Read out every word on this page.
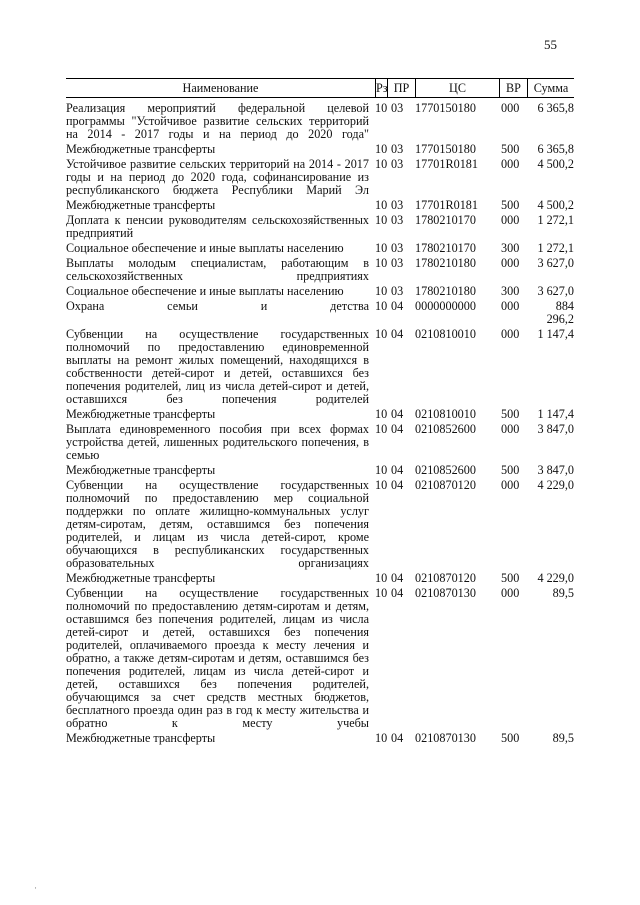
55
Наименование	Рз ПР	ЦС	ВР	Сумма
Реализация мероприятий федеральной целевой программы "Устойчивое развитие сельских территорий на 2014 - 2017 годы и на период до 2020 года"
10 03 1770150180	000	6 365,8
Межбюджетные трансферты	10 03 1770150180	500	6 365,8
Устойчивое развитие сельских территорий на 2014 - 2017 годы и на период до 2020 года, софинансирование из республиканского бюджета Республики Марий Эл
10 03 17701R0181	000	4 500,2
Межбюджетные трансферты	10 03 17701R0181	500	4 500,2
Доплата к пенсии руководителям сельскохозяйственных предприятий
10 03 1780210170	000	1 272,1
Социальное обеспечение и иные выплаты населению	10 03 1780210170	300	1 272,1
Выплаты молодым специалистам, работающим в сельскохозяйственных предприятиях
10 03 1780210180	000	3 627,0
Социальное обеспечение и иные выплаты населению	10 03 1780210180	300	3 627,0
Охрана семьи и детства 10 04 0000000000	000	884 296,2
Субвенции на осуществление государственных полномочий по предоставлению единовременной выплаты на ремонт жилых помещений, находящихся в собственности детей-сирот и детей, оставшихся без попечения родителей, лиц из числа детей-сирот и детей, оставшихся без попечения родителей
10 04 0210810010	000	1 147,4
Межбюджетные трансферты	10 04 0210810010	500	1 147,4
Выплата единовременного пособия при всех формах устройства детей, лишенных родительского попечения, в семью
10 04 0210852600	000	3 847,0
Межбюджетные трансферты	10 04 0210852600	500	3 847,0
Субвенции на осуществление государственных полномочий по предоставлению мер социальной поддержки по оплате жилищно-коммунальных услуг детям-сиротам, детям, оставшимся без попечения родителей, и лицам из числа детей-сирот, кроме обучающихся в республиканских государственных образовательных организациях
10 04 0210870120	000	4 229,0
Межбюджетные трансферты	10 04 0210870120	500	4 229,0
Субвенции на осуществление государственных полномочий по предоставлению детям-сиротам и детям, оставшимся без попечения родителей, лицам из числа детей-сирот и детей, оставшихся без попечения родителей, оплачиваемого проезда к месту лечения и обратно, а также детям-сиротам и детям, оставшимся без попечения родителей, лицам из числа детей-сирот и детей, оставшихся без попечения родителей, обучающимся за счет средств местных бюджетов, бесплатного проезда один раз в год к месту жительства и обратно к месту учебы
10 04 0210870130	000	89,5
Межбюджетные трансферты	10 04 0210870130	500	89,5
·
